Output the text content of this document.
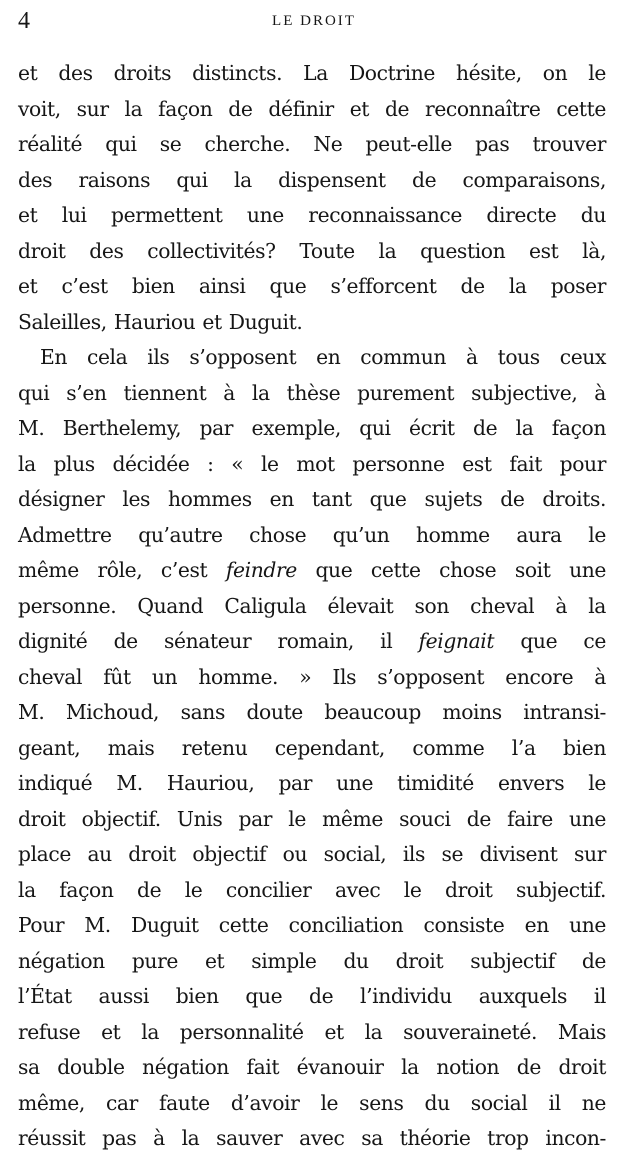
4	LE DROIT
et des droits distincts. La Doctrine hésite, on le
voit, sur la façon de définir et de reconnaître cette
réalité qui se cherche. Ne peut-elle pas trouver
des raisons qui la dispensent de comparaisons,
et lui permettent une reconnaissance directe du
droit des collectivités? Toute la question est là,
et c’est bien ainsi que s’efforcent de la poser
Saleilles, Hauriou et Duguit.
En cela ils s’opposent en commun à tous ceux
qui s’en tiennent à la thèse purement subjective, à
M. Berthelemy, par exemple, qui écrit de la façon
la plus décidée : « le mot personne est fait pour
désigner les hommes en tant que sujets de droits.
Admettre qu’autre chose qu’un homme aura le
même rôle, c’est feindre que cette chose soit une
personne. Quand Caligula élevait son cheval à la
dignité de sénateur romain, il feignait que ce
cheval fût un homme. » Ils s’opposent encore à
M. Michoud, sans doute beaucoup moins intransi-
geant, mais retenu cependant, comme l’a bien
indiqué M. Hauriou, par une timidité envers le
droit objectif. Unis par le même souci de faire une
place au droit objectif ou social, ils se divisent sur
la façon de le concilier avec le droit subjectif.
Pour M. Duguit cette conciliation consiste en une
négation pure et simple du droit subjectif de
l’État aussi bien que de l’individu auxquels il
refuse et la personnalité et la souveraineté. Mais
sa double négation fait évanouir la notion de droit
même, car faute d’avoir le sens du social il ne
réussit pas à la sauver avec sa théorie trop incon-
